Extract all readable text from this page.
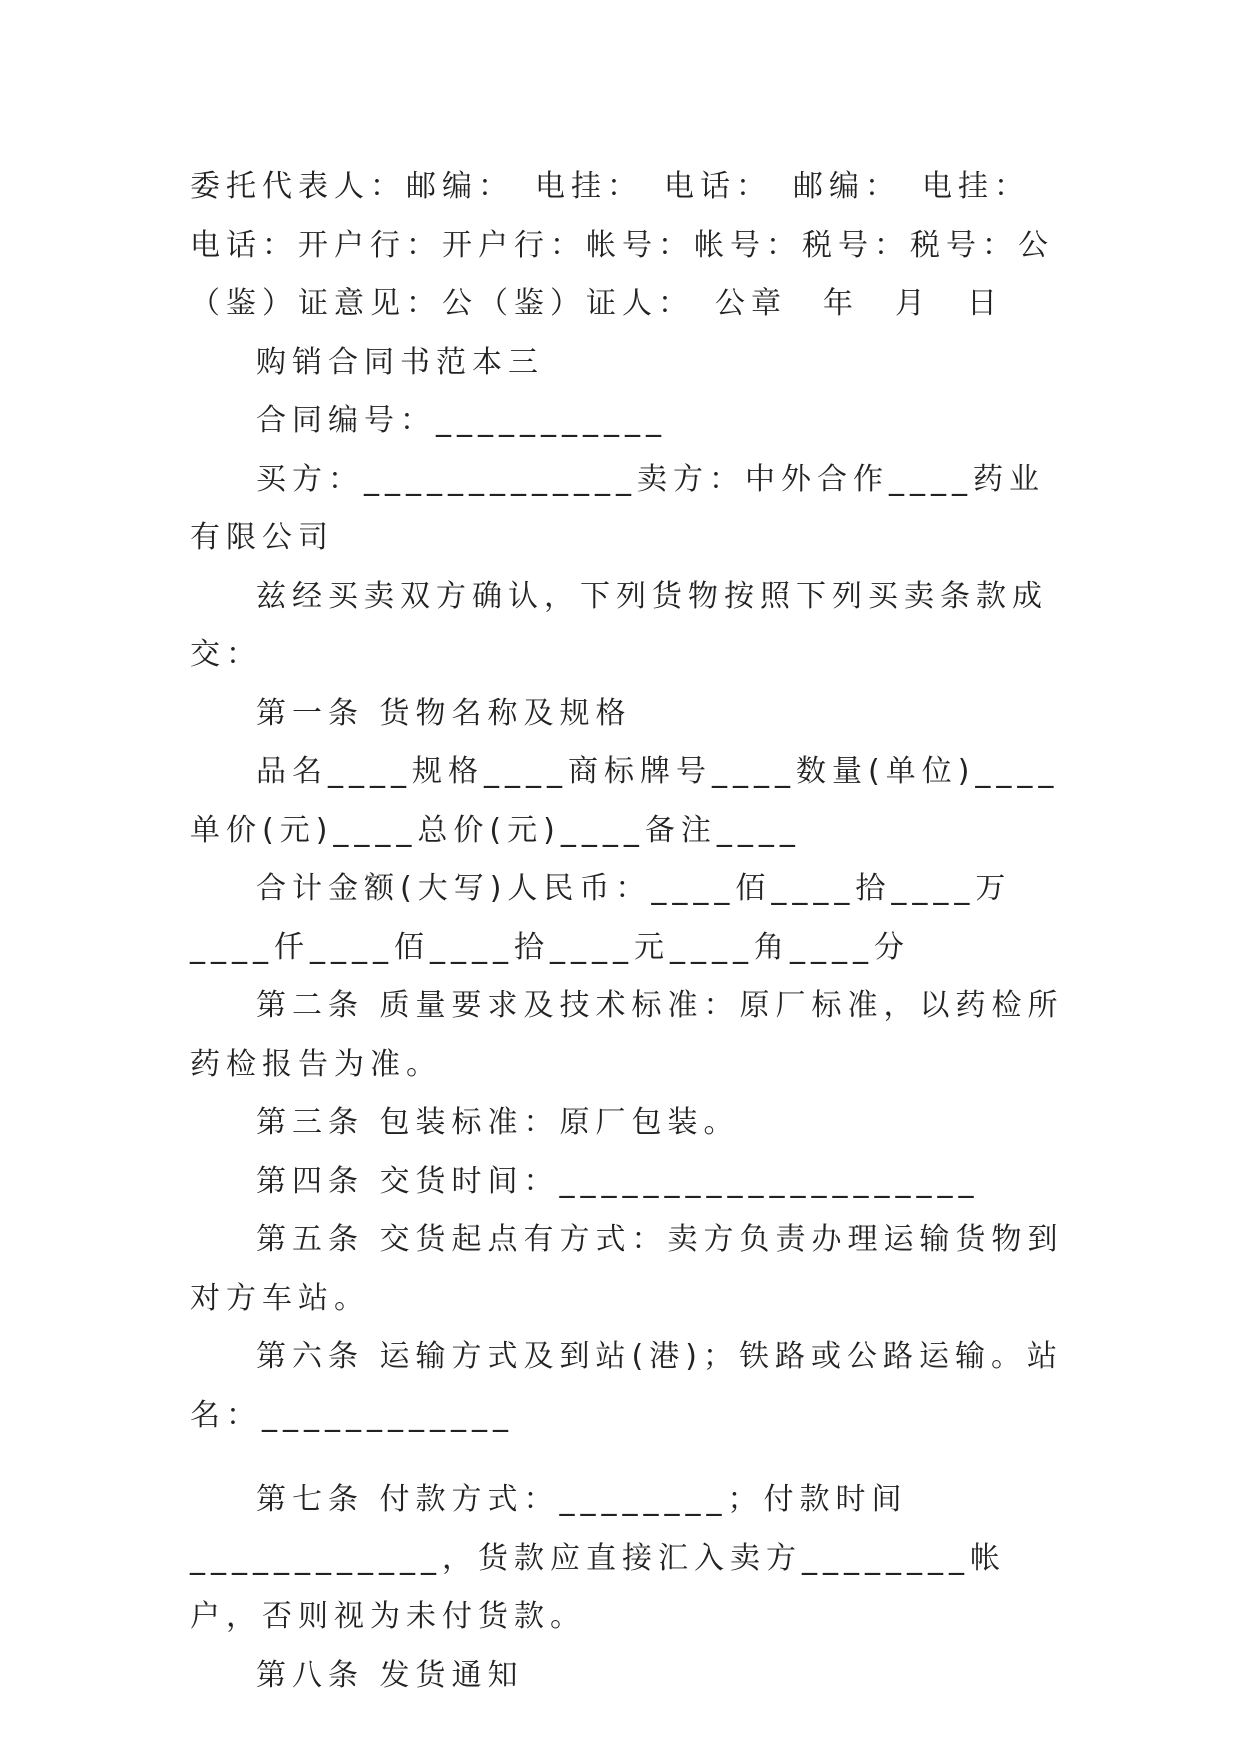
委托代表人：邮编：　电挂：　电话：　邮编：　电挂：　电话：开户行：开户行：帐号：帐号：税号：税号：公（鉴）证意见：公（鉴）证人：　公章　年　月　日

购销合同书范本三

合同编号：___________

买方：_____________卖方：中外合作____药业有限公司

兹经买卖双方确认，下列货物按照下列买卖条款成交：

第一条 货物名称及规格

品名____规格____商标牌号____数量(单位)____单价(元)____总价(元)____备注____

合计金额(大写)人民币：____佰____拾____万____仟____佰____拾____元____角____分

第二条 质量要求及技术标准：原厂标准，以药检所药检报告为准。

第三条 包装标准：原厂包装。

第四条 交货时间：____________________

第五条 交货起点有方式：卖方负责办理运输货物到对方车站。

第六条 运输方式及到站(港)；铁路或公路运输。站名：____________

第七条 付款方式：________；付款时间____________，货款应直接汇入卖方________帐户，否则视为未付货款。

第八条 发货通知
